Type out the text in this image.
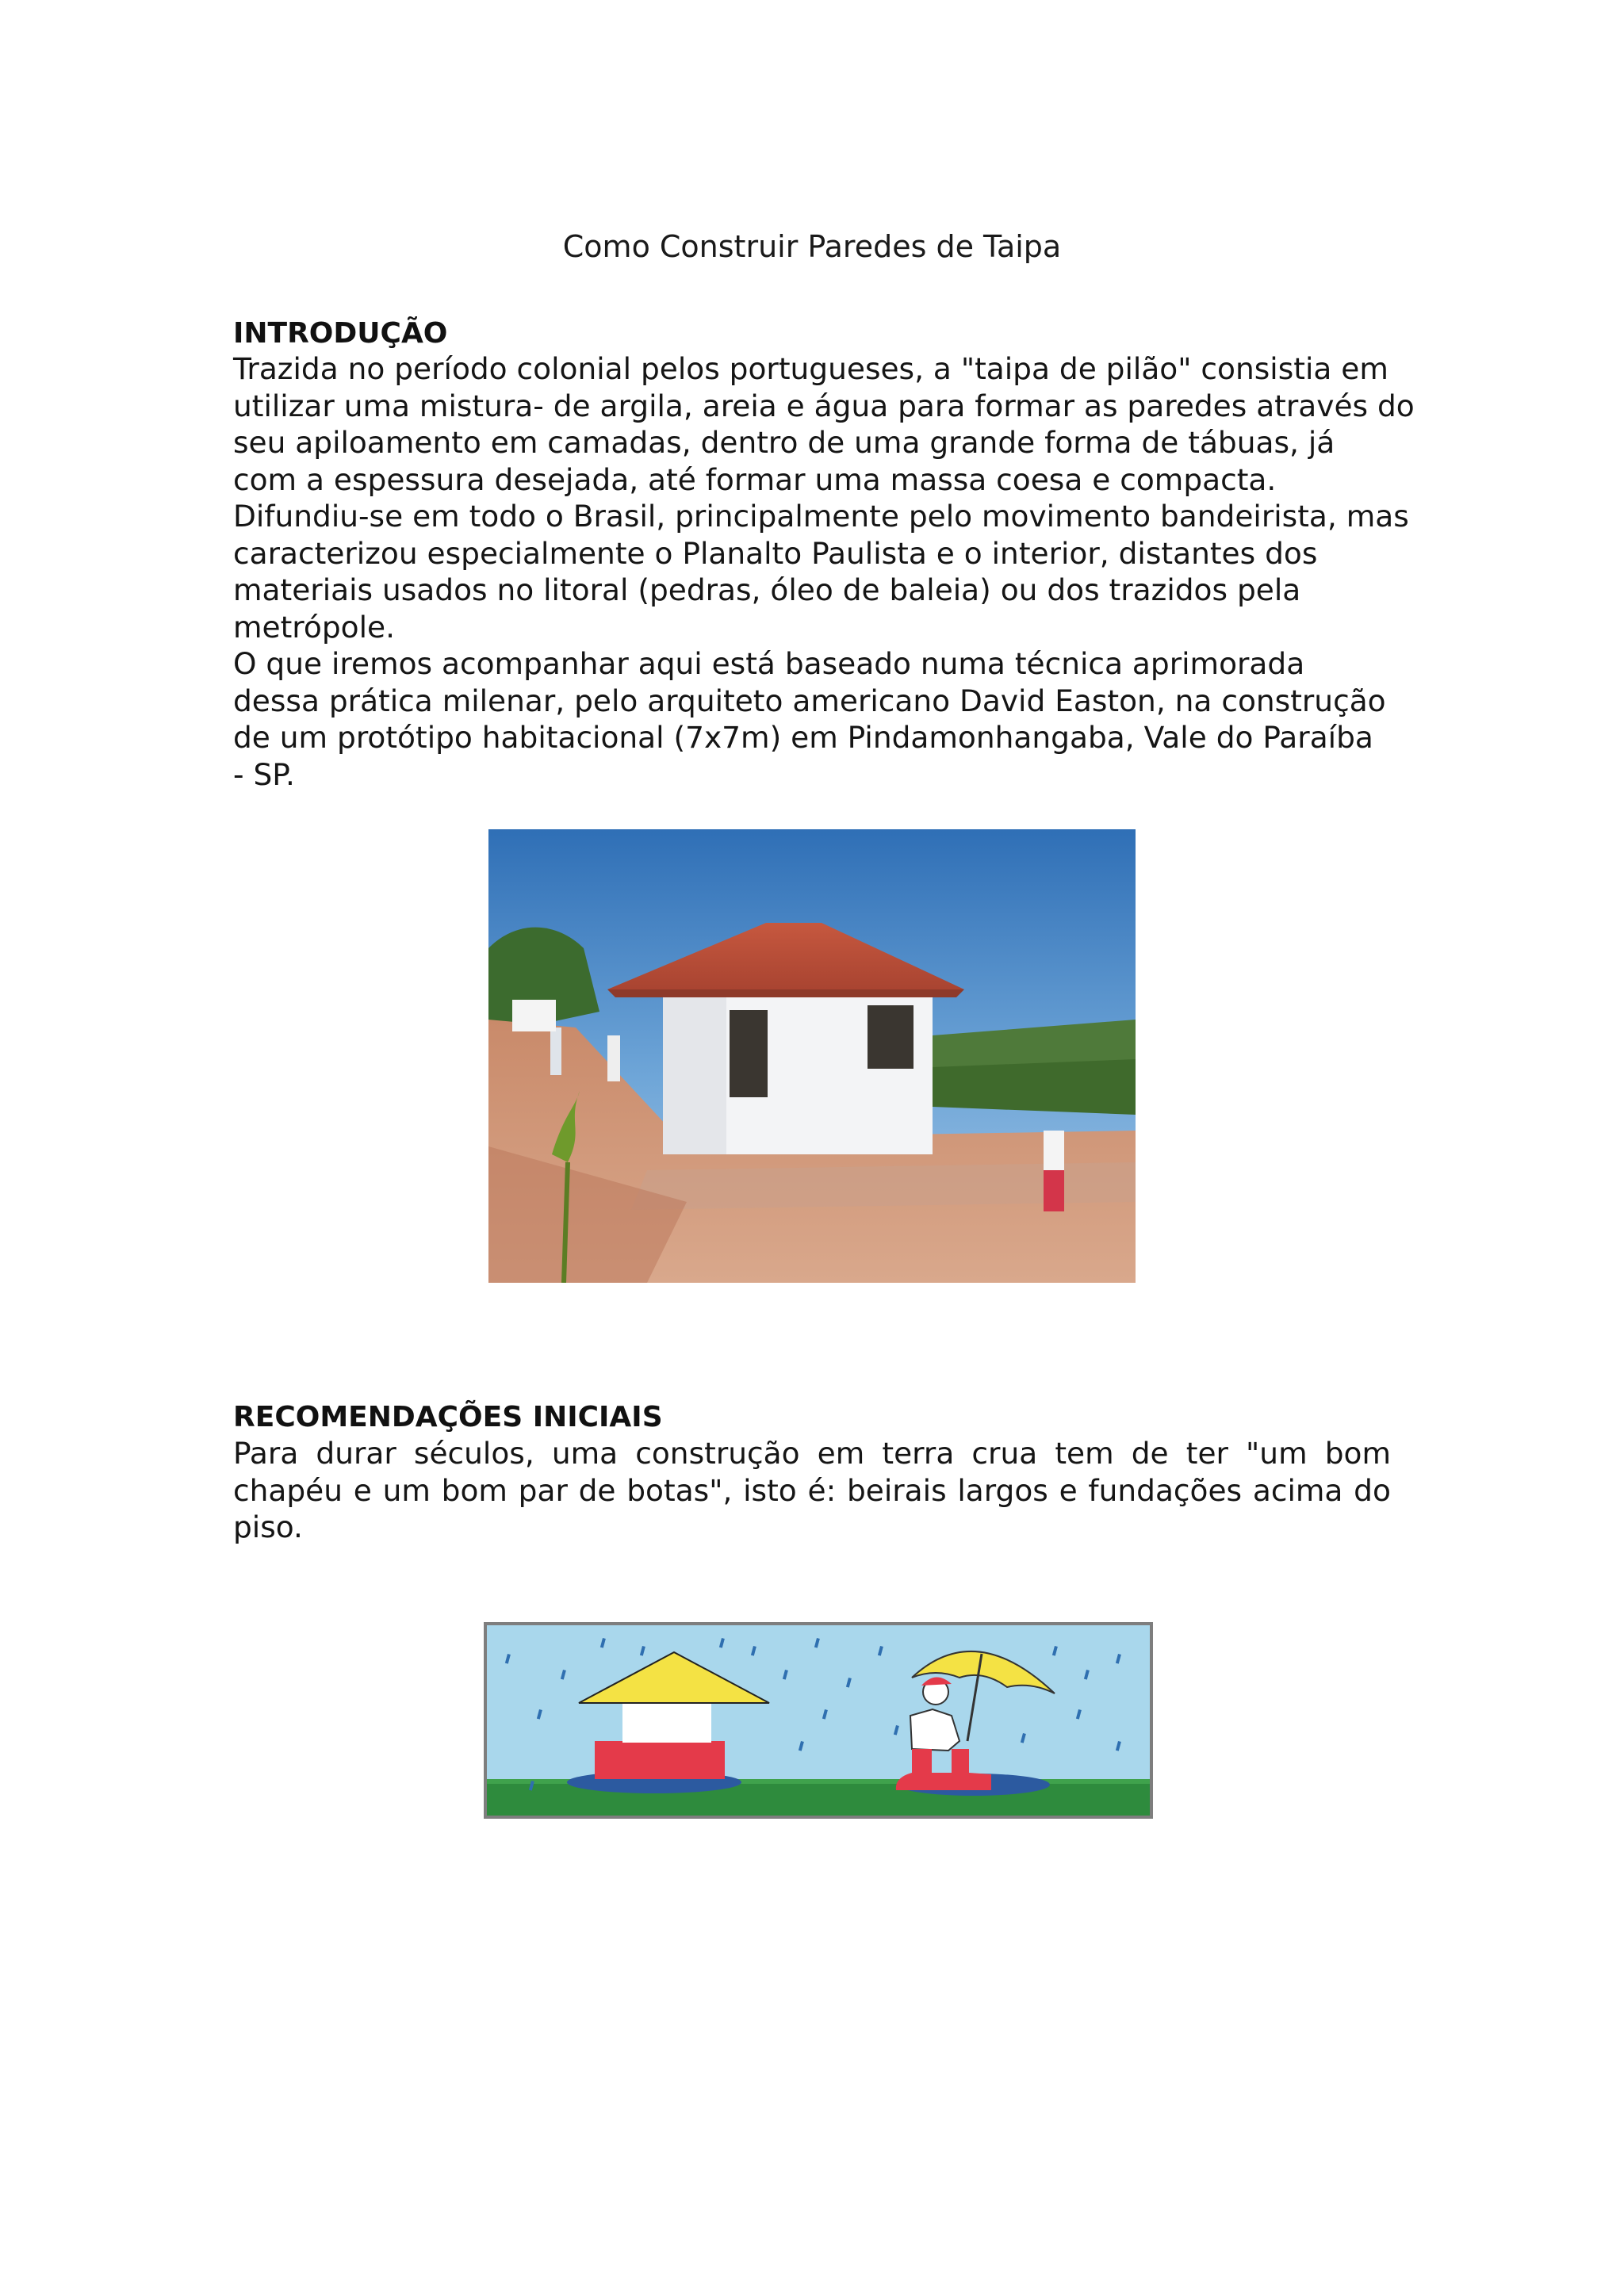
Como Construir Paredes de Taipa
INTRODUÇÃO

Trazida no período colonial pelos portugueses, a "taipa de pilão" consistia em
utilizar uma mistura- de argila, areia e água para formar as paredes através do
seu apiloamento em camadas, dentro de uma grande forma de tábuas, já
com a espessura desejada, até formar uma massa coesa e compacta.
Difundiu-se em todo o Brasil, principalmente pelo movimento bandeirista, mas
caracterizou especialmente o Planalto Paulista e o interior, distantes dos
materiais usados no litoral (pedras, óleo de baleia) ou dos trazidos pela
metrópole.
O que iremos acompanhar aqui está baseado numa técnica aprimorada
dessa prática milenar, pelo arquiteto americano David Easton, na construção
de um protótipo habitacional (7x7m) em Pindamonhangaba, Vale do Paraíba
- SP.

RECOMENDAÇÕES INICIAIS

Para durar séculos, uma construção em terra crua tem de ter "um bom
chapéu e um bom par de botas", isto é: beirais largos e fundações acima do
piso.
